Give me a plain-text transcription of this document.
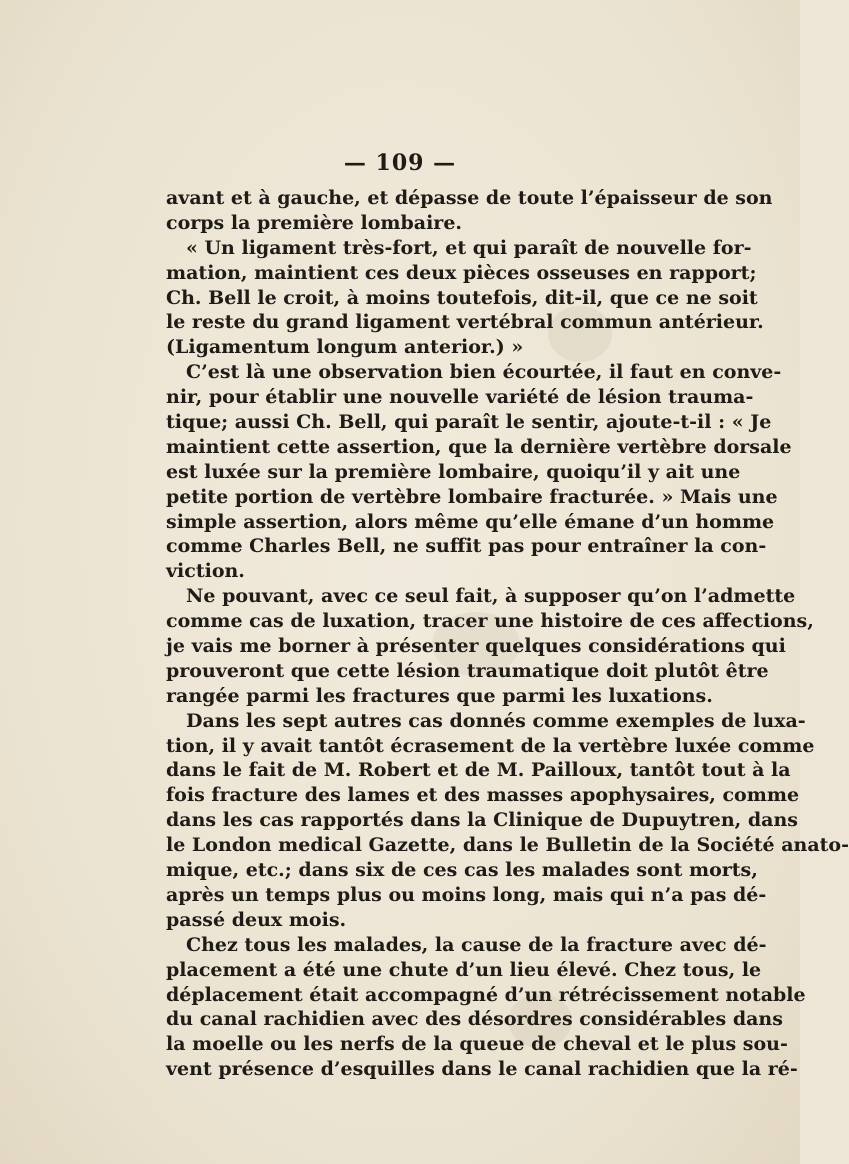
— 109 —
avant et à gauche, et dépasse de toute l’épaisseur de son
corps la première lombaire.
« Un ligament très-fort, et qui paraît de nouvelle for-
mation, maintient ces deux pièces osseuses en rapport;
Ch. Bell le croit, à moins toutefois, dit-il, que ce ne soit
le reste du grand ligament vertébral commun antérieur.
(Ligamentum longum anterior.) »
C’est là une observation bien écourtée, il faut en conve-
nir, pour établir une nouvelle variété de lésion trauma-
tique; aussi Ch. Bell, qui paraît le sentir, ajoute-t-il : « Je
maintient cette assertion, que la dernière vertèbre dorsale
est luxée sur la première lombaire, quoiqu’il y ait une
petite portion de vertèbre lombaire fracturée. » Mais une
simple assertion, alors même qu’elle émane d’un homme
comme Charles Bell, ne suffit pas pour entraîner la con-
viction.
Ne pouvant, avec ce seul fait, à supposer qu’on l’admette
comme cas de luxation, tracer une histoire de ces affections,
je vais me borner à présenter quelques considérations qui
prouveront que cette lésion traumatique doit plutôt être
rangée parmi les fractures que parmi les luxations.
Dans les sept autres cas donnés comme exemples de luxa-
tion, il y avait tantôt écrasement de la vertèbre luxée comme
dans le fait de M. Robert et de M. Pailloux, tantôt tout à la
fois fracture des lames et des masses apophysaires, comme
dans les cas rapportés dans la Clinique de Dupuytren, dans
le London medical Gazette, dans le Bulletin de la Société anato-
mique, etc.; dans six de ces cas les malades sont morts,
après un temps plus ou moins long, mais qui n’a pas dé-
passé deux mois.
Chez tous les malades, la cause de la fracture avec dé-
placement a été une chute d’un lieu élevé. Chez tous, le
déplacement était accompagné d’un rétrécissement notable
du canal rachidien avec des désordres considérables dans
la moelle ou les nerfs de la queue de cheval et le plus sou-
vent présence d’esquilles dans le canal rachidien que la ré-
